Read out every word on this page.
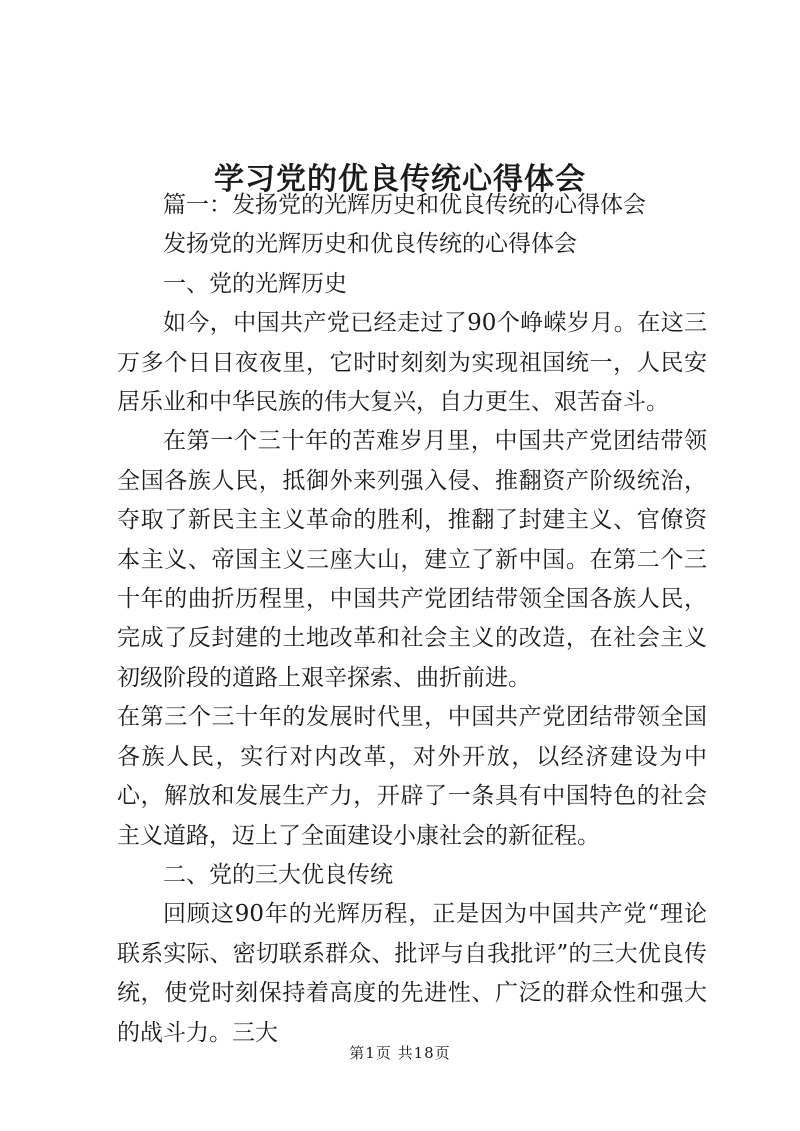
学习党的优良传统心得体会

篇一：发扬党的光辉历史和优良传统的心得体会

发扬党的光辉历史和优良传统的心得体会

一、党的光辉历史

如今，中国共产党已经走过了90个峥嵘岁月。在这三万多个日日夜夜里，它时时刻刻为实现祖国统一，人民安居乐业和中华民族的伟大复兴，自力更生、艰苦奋斗。

在第一个三十年的苦难岁月里，中国共产党团结带领全国各族人民，抵御外来列强入侵、推翻资产阶级统治，夺取了新民主主义革命的胜利，推翻了封建主义、官僚资本主义、帝国主义三座大山，建立了新中国。在第二个三十年的曲折历程里，中国共产党团结带领全国各族人民，完成了反封建的土地改革和社会主义的改造，在社会主义初级阶段的道路上艰辛探索、曲折前进。

在第三个三十年的发展时代里，中国共产党团结带领全国各族人民，实行对内改革，对外开放，以经济建设为中心，解放和发展生产力，开辟了一条具有中国特色的社会主义道路，迈上了全面建设小康社会的新征程。

二、党的三大优良传统

回顾这90年的光辉历程，正是因为中国共产党“理论联系实际、密切联系群众、批评与自我批评”的三大优良传统，使党时刻保持着高度的先进性、广泛的群众性和强大的战斗力。三大

第1页 共18页
